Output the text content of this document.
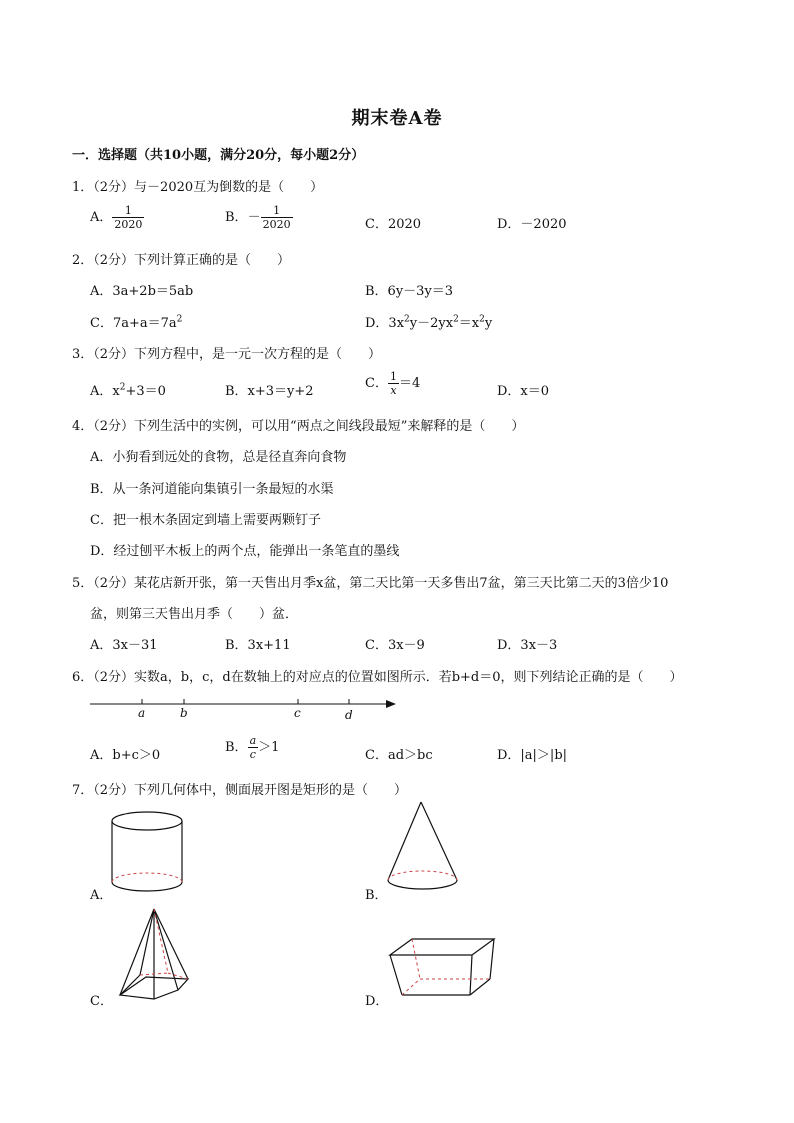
期末卷A卷
一．选择题（共10小题，满分20分，每小题2分）
1．（2分）与－2020互为倒数的是（　　）
A． $\frac{1}{2020}$	B．－ $\frac{1}{2020}$	C．2020	D．－2020
2．（2分）下列计算正确的是（　　）
A．3a+2b＝5ab	B．6y－3y＝3
C．$7a+a=7a^2$	D．$3x^2y-2yx^2=x^2y$
3．（2分）下列方程中，是一元一次方程的是（　　）
A．$x^2+3=0$	B．x+3＝y+2
C． $\frac{1}{x} =4$
D．x＝0
4．（2分）下列生活中的实例，可以用“两点之间线段最短”来解释的是（　　）
A．小狗看到远处的食物，总是径直奔向食物
B．从一条河道能向集镇引一条最短的水渠
C．把一根木条固定到墙上需要两颗钉子
D．经过刨平木板上的两个点，能弹出一条笔直的墨线
5．（2分）某花店新开张，第一天售出月季x盆，第二天比第一天多售出7盆，第三天比第二天的3倍少10
盆，则第三天售出月季（　　）盆．
A．3x－31	B．3x+11	C．3x－9	D．3x－3
6．（2分）实数a，b，c，d在数轴上的对应点的位置如图所示．若b+d＝0，则下列结论正确的是（　　）
a	b	c	d
A．b+c＞0
B． $\frac{a}{c} >1$
C．ad＞bc	D．|a|＞|b|
7．（2分）下列几何体中，侧面展开图是矩形的是（　　）
A．	B．
C．	D．
